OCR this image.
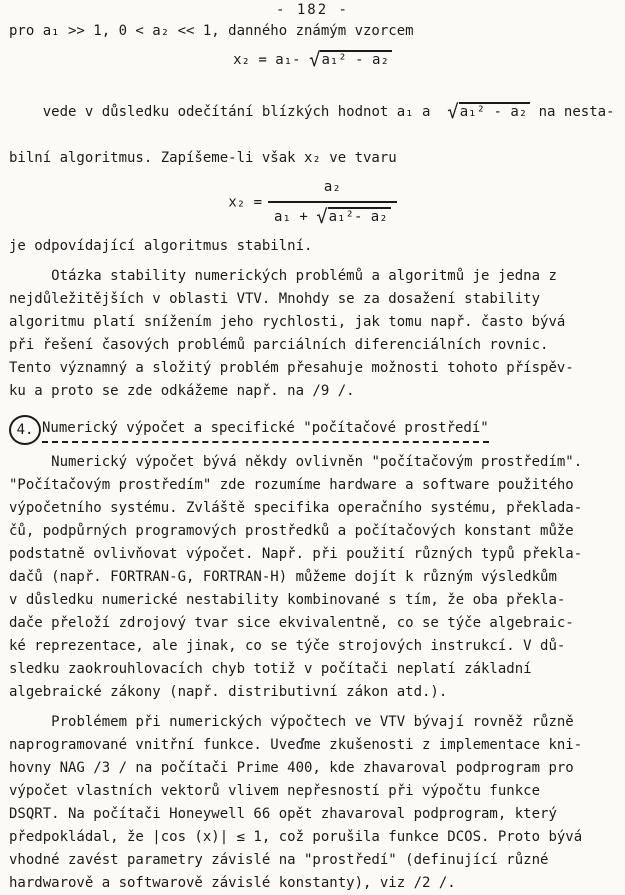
- 182 -
pro a₁ >> 1, 0 < a₂ << 1, danného známým vzorcem
x₂ = a₁- √a₁² - a₂

vede v důsledku odečítání blízkých hodnot a₁ a  √a₁² - a₂ na nesta-

bilní algoritmus. Zapíšeme-li však x₂ ve tvaru
$x_2 = \frac{\text{a₂}}{\text{a₁ + √a₁²- a₂}}$
je odpovídající algoritmus stabilní.
Otázka stability numerických problémů a algoritmů je jedna z
nejdůležitějších v oblasti VTV. Mnohdy se za dosažení stability
algoritmu platí snížením jeho rychlosti, jak tomu např. často bývá
při řešení časových problémů parciálních diferenciálních rovnic.
Tento významný a složitý problém přesahuje možnosti tohoto příspěv-
ku a proto se zde odkážeme např. na /9 /.
4. Numerický výpočet a specifické "počítačové prostředí"
Numerický výpočet bývá někdy ovlivněn "počítačovým prostředím".
"Počítačovým prostředím" zde rozumíme hardware a software použitého
výpočetního systému. Zvláště specifika operačního systému, překlada-
čů, podpůrných programových prostředků a počítačových konstant může
podstatně ovlivňovat výpočet. Např. při použití různých typů překla-
dačů (např. FORTRAN-G, FORTRAN-H) můžeme dojít k různým výsledkům
v důsledku numerické nestability kombinované s tím, že oba překla-
dače přeloží zdrojový tvar sice ekvivalentně, co se týče algebraic-
ké reprezentace, ale jinak, co se týče strojových instrukcí. V dů-
sledku zaokrouhlovacích chyb totiž v počítači neplatí základní
algebraické zákony (např. distributivní zákon atd.).
Problémem při numerických výpočtech ve VTV bývají rovněž různě
naprogramované vnitřní funkce. Uveďme zkušenosti z implementace kni-
hovny NAG /3 / na počítači Prime 400, kde zhavaroval podprogram pro
výpočet vlastních vektorů vlivem nepřesností při výpočtu funkce
DSQRT. Na počítači Honeywell 66 opět zhavaroval podprogram, který
předpokládal, že |cos (x)| ≤ 1, což porušila funkce DCOS. Proto bývá
vhodné zavést parametry závislé na "prostředí" (definující různé
hardwarově a softwarově závislé konstanty), viz /2 /.
